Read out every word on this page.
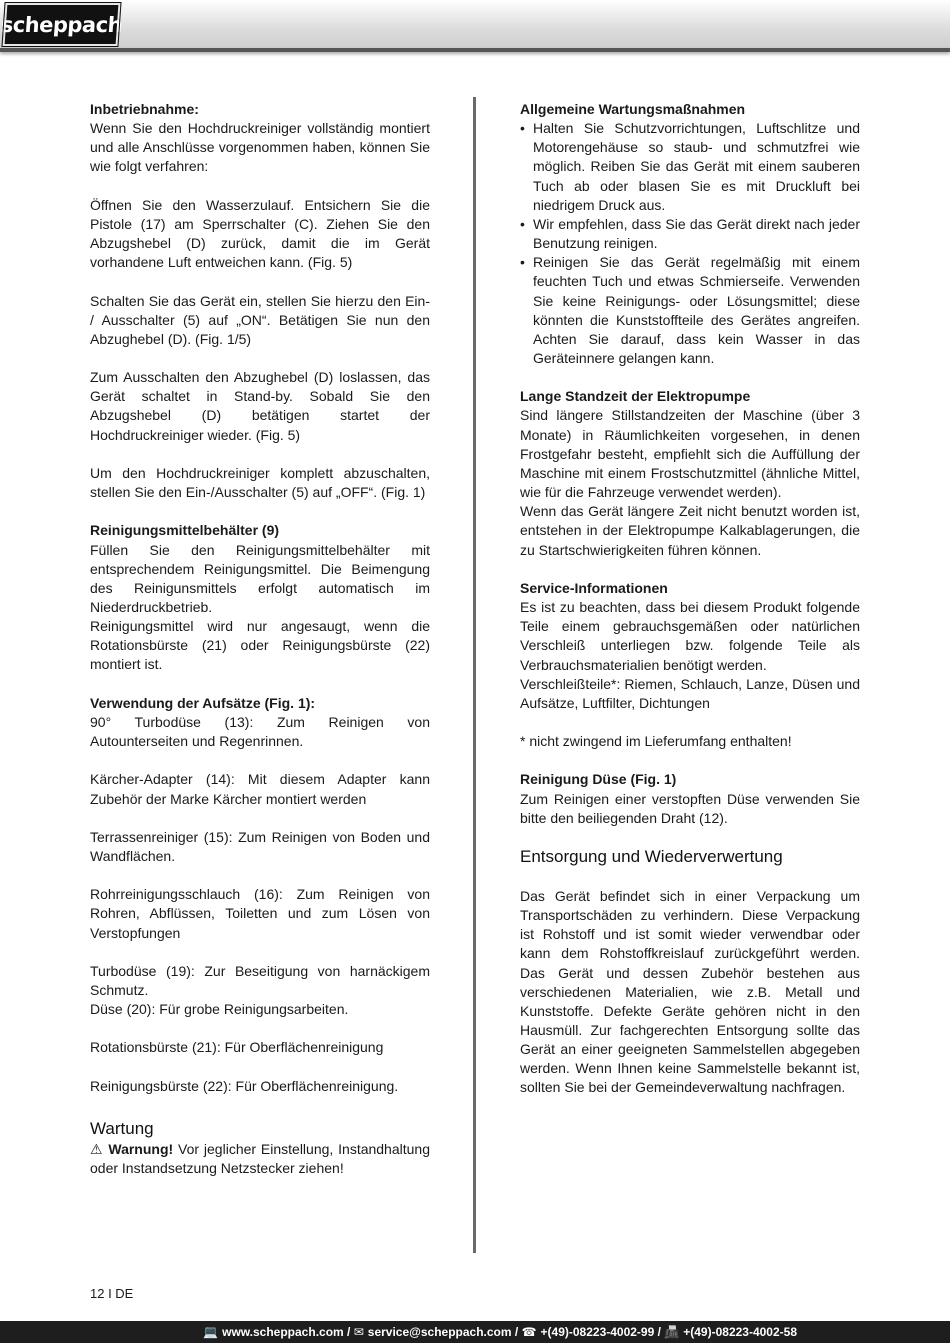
scheppach
Inbetriebnahme:

Wenn Sie den Hochdruckreiniger vollständig montiert und alle Anschlüsse vorgenommen haben, können Sie wie folgt verfahren:

Öffnen Sie den Wasserzulauf. Entsichern Sie die Pistole (17) am Sperrschalter (C). Ziehen Sie den Abzugshebel (D) zurück, damit die im Gerät vorhandene Luft entweichen kann. (Fig. 5)

Schalten Sie das Gerät ein, stellen Sie hierzu den Ein- / Ausschalter (5) auf „ON“. Betätigen Sie nun den Abzughebel (D). (Fig. 1/5)

Zum Ausschalten den Abzughebel (D) loslassen, das Gerät schaltet in Stand-by. Sobald Sie den Abzugshebel (D) betätigen startet der Hochdruckreiniger wieder. (Fig. 5)

Um den Hochdruckreiniger komplett abzuschalten, stellen Sie den Ein-/Ausschalter (5) auf „OFF“. (Fig. 1)

Reinigungsmittelbehälter (9)
Füllen Sie den Reinigungsmittelbehälter mit entsprechendem Reinigungsmittel. Die Beimengung des Reinigunsmittels erfolgt automatisch im Niederdruckbetrieb.

Reinigungsmittel wird nur angesaugt, wenn die Rotationsbürste (21) oder Reinigungsbürste (22) montiert ist.

Verwendung der Aufsätze (Fig. 1):

90° Turbodüse (13): Zum Reinigen von Autounterseiten und Regenrinnen.

Kärcher-Adapter (14): Mit diesem Adapter kann Zubehör der Marke Kärcher montiert werden

Terrassenreiniger (15): Zum Reinigen von Boden und Wandflächen.

Rohrreinigungsschlauch (16): Zum Reinigen von Rohren, Abflüssen, Toiletten und zum Lösen von Verstopfungen

Turbodüse (19): Zur Beseitigung von harnäckigem Schmutz.

Düse (20): Für grobe Reinigungsarbeiten.

Rotationsbürste (21): Für Oberflächenreinigung

Reinigungsbürste (22): Für Oberflächenreinigung.

Wartung
⚠ Warnung! Vor jeglicher Einstellung, Instandhaltung oder Instandsetzung Netzstecker ziehen!
Allgemeine Wartungsmaßnahmen
• Halten Sie Schutzvorrichtungen, Luftschlitze und Motorengehäuse so staub- und schmutzfrei wie möglich. Reiben Sie das Gerät mit einem sauberen Tuch ab oder blasen Sie es mit Druckluft bei niedrigem Druck aus.
• Wir empfehlen, dass Sie das Gerät direkt nach jeder Benutzung reinigen.
• Reinigen Sie das Gerät regelmäßig mit einem feuchten Tuch und etwas Schmierseife. Verwenden Sie keine Reinigungs- oder Lösungsmittel; diese könnten die Kunststoffteile des Gerätes angreifen. Achten Sie darauf, dass kein Wasser in das Geräteinnere gelangen kann.
Lange Standzeit der Elektropumpe
Sind längere Stillstandzeiten der Maschine (über 3 Monate) in Räumlichkeiten vorgesehen, in denen Frostgefahr besteht, empfiehlt sich die Auffüllung der Maschine mit einem Frostschutzmittel (ähnliche Mittel, wie für die Fahrzeuge verwendet werden).

Wenn das Gerät längere Zeit nicht benutzt worden ist, entstehen in der Elektropumpe Kalkablagerungen, die zu Startschwierigkeiten führen können.

Service-Informationen
Es ist zu beachten, dass bei diesem Produkt folgende Teile einem gebrauchsgemäßen oder natürlichen Verschleiß unterliegen bzw. folgende Teile als Verbrauchsmaterialien benötigt werden.

Verschleißteile*: Riemen, Schlauch, Lanze, Düsen und Aufsätze, Luftfilter, Dichtungen

* nicht zwingend im Lieferumfang enthalten!

Reinigung Düse (Fig. 1)

Zum Reinigen einer verstopften Düse verwenden Sie bitte den beiliegenden Draht (12).

Entsorgung und Wiederverwertung

Das Gerät befindet sich in einer Verpackung um Transportschäden zu verhindern. Diese Verpackung ist Rohstoff und ist somit wieder verwendbar oder kann dem Rohstoffkreislauf zurückgeführt werden. Das Gerät und dessen Zubehör bestehen aus verschiedenen Materialien, wie z.B. Metall und Kunststoffe. Defekte Geräte gehören nicht in den Hausmüll. Zur fachgerechten Entsorgung sollte das Gerät an einer geeigneten Sammelstellen abgegeben werden. Wenn Ihnen keine Sammelstelle bekannt ist, sollten Sie bei der Gemeindeverwaltung nachfragen.

12 I DE
💻 www.scheppach.com /
✉ service@scheppach.com /
☎ +(49)-08223-4002-99 /
📠 +(49)-08223-4002-58
